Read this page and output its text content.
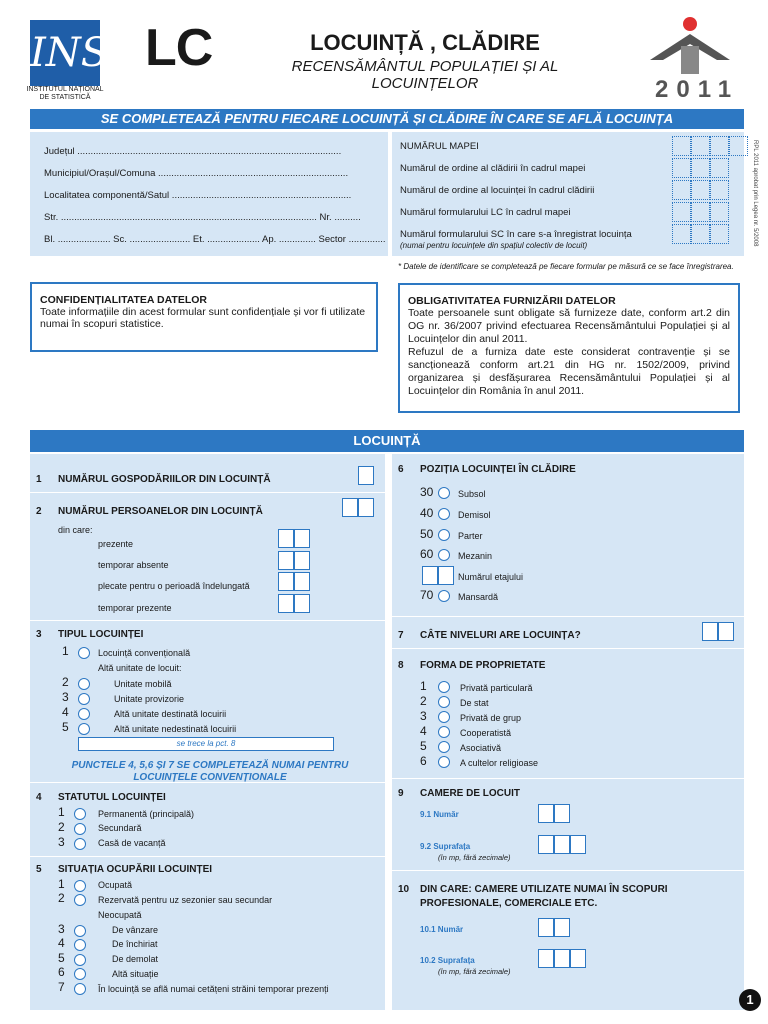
INS
INSTITUTUL NAȚIONAL DE STATISTICĂ
LC	LOCUINȚĂ , CLĂDIRE
RECENSĂMÂNTUL POPULAȚIEI ȘI AL LOCUINȚELOR	2011
SE COMPLETEAZĂ PENTRU FIECARE LOCUINȚĂ ȘI CLĂDIRE ÎN CARE SE AFLĂ LOCUINȚA
RPL 2011 aprobat prin Legea nr. 5/2008
Județul ....................................................................................................
Municipiul/Orașul/Comuna ........................................................................
Localitatea componentă/Satul ....................................................................
Str. ................................................................................................. Nr. ..........
Bl. .................... Sc. ....................... Et. .................... Ap. .............. Sector ..............
NUMĂRUL MAPEI
Numărul de ordine al clădirii în cadrul mapei
Numărul de ordine al locuinței în cadrul clădirii
Numărul formularului LC în cadrul mapei
Numărul formularului SC în care s-a înregistrat locuința
(numai pentru locuințele din spațiul colectiv de locuit)
* Datele de identificare se completează pe fiecare formular pe măsură ce se face înregistrarea.
CONFIDENȚIALITATEA DATELOR
Toate informațiile din acest formular sunt confidențiale și vor fi utilizate numai în scopuri statistice.
OBLIGATIVITATEA FURNIZĂRII DATELOR

Toate persoanele sunt obligate să furnizeze date, conform art.2 din OG nr. 36/2007 privind efectuarea Recensământului Populației și al Locuințelor din anul 2011.

Refuzul de a furniza date este considerat contravenție și se sancționează conform art.21 din HG nr. 1502/2009, privind organizarea și desfășurarea Recensământului Populației și al Locuințelor din România în anul 2011.

LOCUINȚĂ
1 NUMĂRUL GOSPODĂRIILOR DIN LOCUINȚĂ
2 NUMĂRUL PERSOANELOR DIN LOCUINȚĂ
din care:
prezente
temporar absente
plecate pentru o perioadă îndelungată
temporar prezente
3 TIPUL LOCUINȚEI
1	Locuință convențională
Altă unitate de locuit:
2	Unitate mobilă
3	Unitate provizorie
4	Altă unitate destinată locuirii
5	Altă unitate nedestinată locuirii
4 STATUTUL LOCUINȚEI
1	Permanentă (principală)
2	Secundară
3	Casă de vacanță
5 SITUAȚIA OCUPĂRII LOCUINȚEI
1	Ocupată
2	Rezervată pentru uz sezonier sau secundar
Neocupată
3	De vânzare
4	De închiriat
5	De demolat
6	Altă situație
7	În locuință se află numai cetățeni străini temporar prezenți
se trece la pct. 8
PUNCTELE 4, 5,6 ȘI 7 SE COMPLETEAZĂ NUMAI PENTRU LOCUINȚELE CONVENȚIONALE
6 POZIȚIA LOCUINȚEI ÎN CLĂDIRE
30	Subsol
40	Demisol
50	Parter
60	Mezanin
Numărul etajului
70	Mansardă
7 CÂTE NIVELURI ARE LOCUINȚA?
8 FORMA DE PROPRIETATE
1	Privată particulară
2	De stat
3	Privată de grup
4	Cooperatistă
5	Asociativă
6	A cultelor religioase
9 CAMERE DE LOCUIT
9.1 Număr
9.2 Suprafața
(în mp, fără zecimale)
10 DIN CARE: CAMERE UTILIZATE NUMAI ÎN SCOPURI
PROFESIONALE, COMERCIALE ETC.
10.1 Număr
10.2 Suprafața
(în mp, fără zecimale)
1
